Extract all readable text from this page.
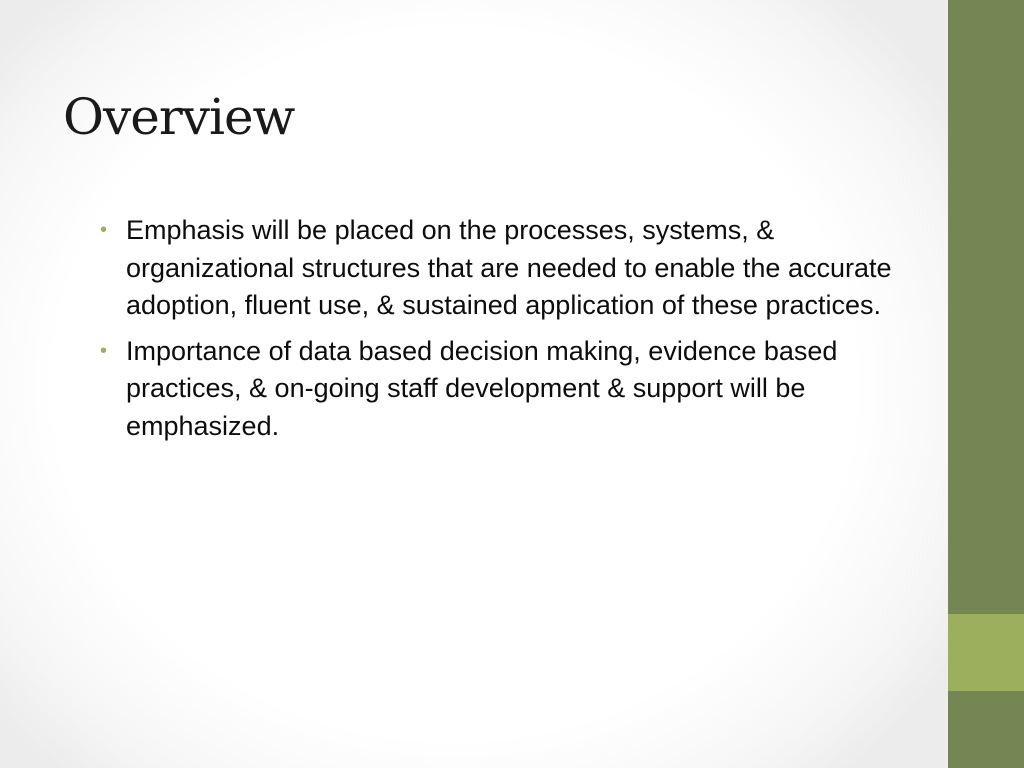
Overview
• Emphasis will be placed on the processes, systems, & organizational structures that are needed to enable the accurate adoption, fluent use, & sustained application of these practices.
• Importance of data based decision making, evidence based practices, & on-going staff development & support will be emphasized.
